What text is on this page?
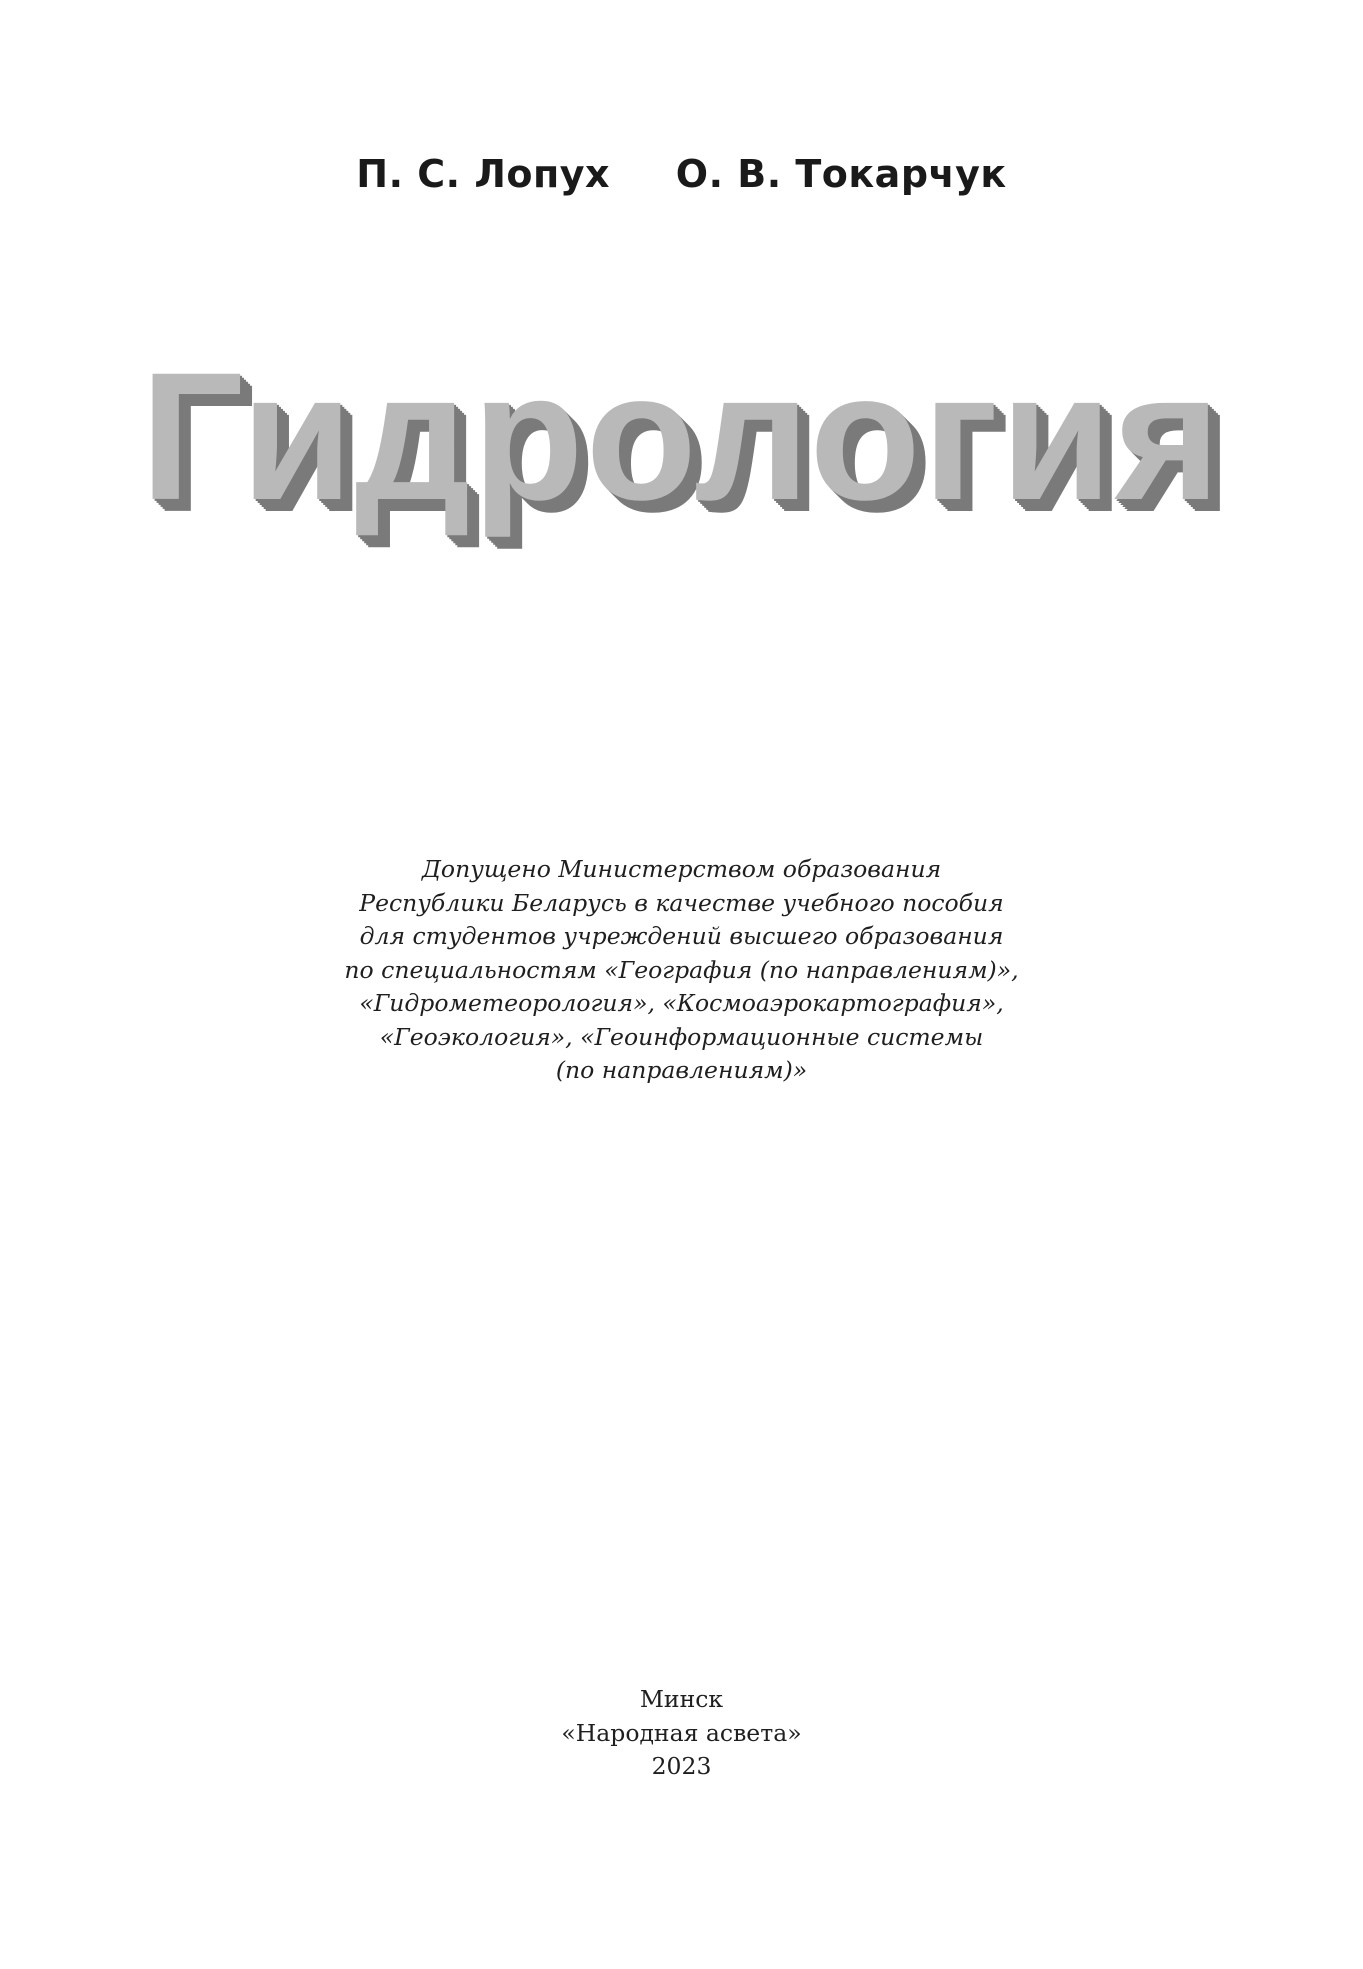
П. С. Лопух О. В. Токарчук
Гидрология
Допущено Министерством образования
Республики Беларусь в качестве учебного пособия
для студентов учреждений высшего образования
по специальностям «География (по направлениям)»,
«Гидрометеорология», «Космоаэрокартография»,
«Геоэкология», «Геоинформационные системы
(по направлениям)»
Минск
«Народная асвета»
2023
